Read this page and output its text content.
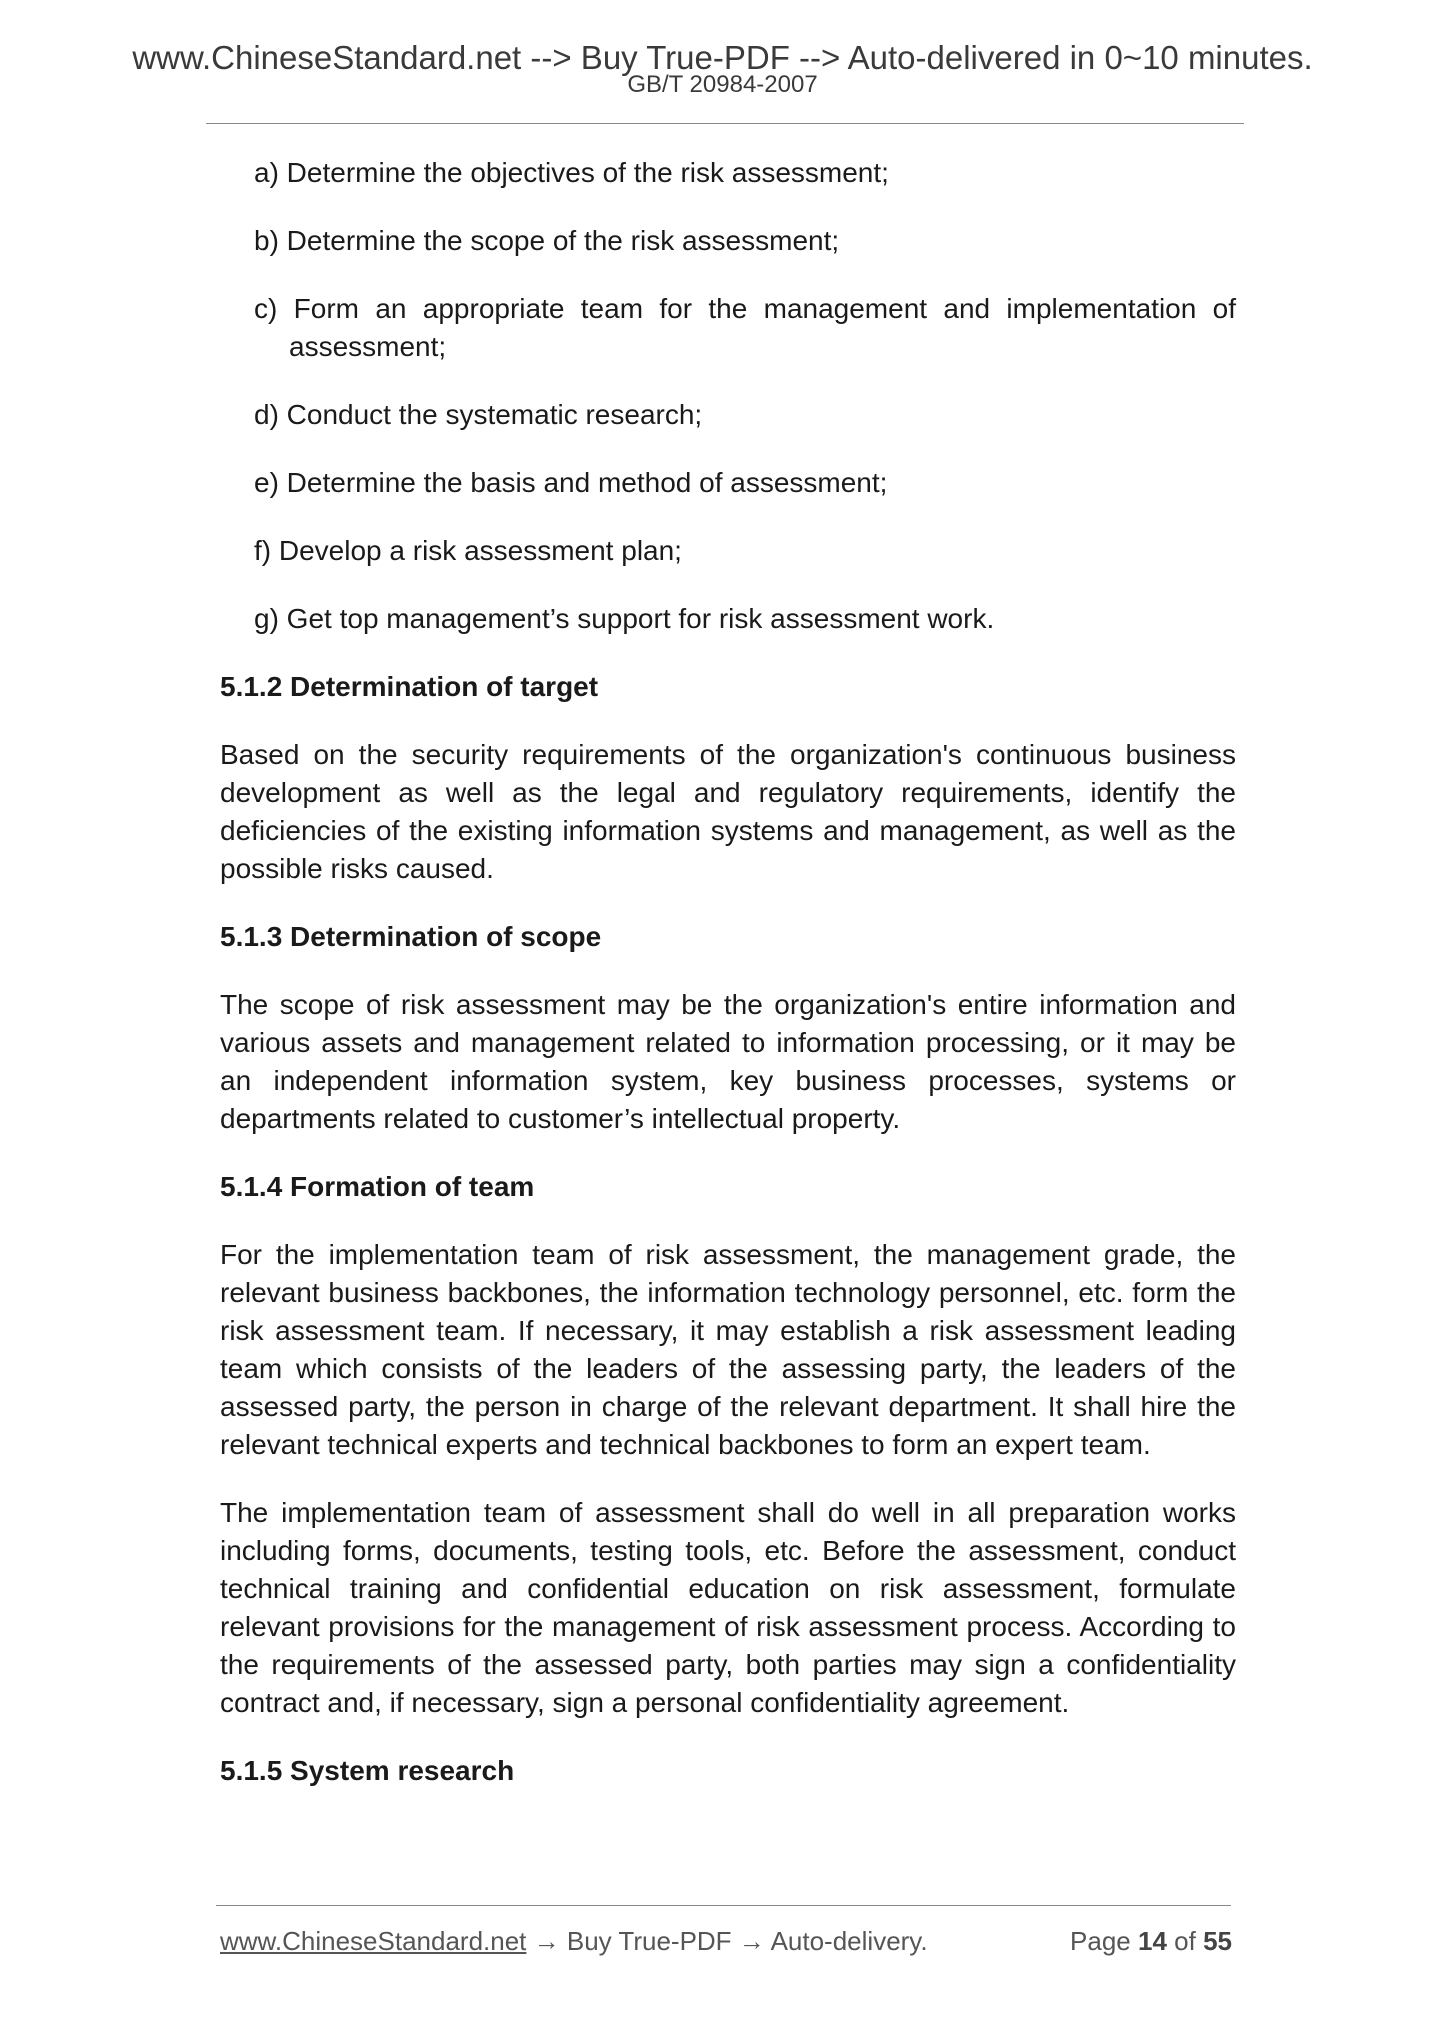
www.ChineseStandard.net --> Buy True-PDF --> Auto-delivered in 0~10 minutes.
GB/T 20984-2007
a) Determine the objectives of the risk assessment;
b) Determine the scope of the risk assessment;
c) Form an appropriate team for the management and implementation of assessment;
d) Conduct the systematic research;
e) Determine the basis and method of assessment;
f) Develop a risk assessment plan;
g) Get top management’s support for risk assessment work.
5.1.2 Determination of target
Based on the security requirements of the organization's continuous business development as well as the legal and regulatory requirements, identify the deficiencies of the existing information systems and management, as well as the possible risks caused.
5.1.3 Determination of scope
The scope of risk assessment may be the organization's entire information and various assets and management related to information processing, or it may be an independent information system, key business processes, systems or departments related to customer’s intellectual property.
5.1.4 Formation of team
For the implementation team of risk assessment, the management grade, the relevant business backbones, the information technology personnel, etc. form the risk assessment team. If necessary, it may establish a risk assessment leading team which consists of the leaders of the assessing party, the leaders of the assessed party, the person in charge of the relevant department. It shall hire the relevant technical experts and technical backbones to form an expert team.
The implementation team of assessment shall do well in all preparation works including forms, documents, testing tools, etc. Before the assessment, conduct technical training and confidential education on risk assessment, formulate relevant provisions for the management of risk assessment process. According to the requirements of the assessed party, both parties may sign a confidentiality contract and, if necessary, sign a personal confidentiality agreement.
5.1.5 System research
www.ChineseStandard.net → Buy True-PDF → Auto-delivery.	Page 14 of 55
